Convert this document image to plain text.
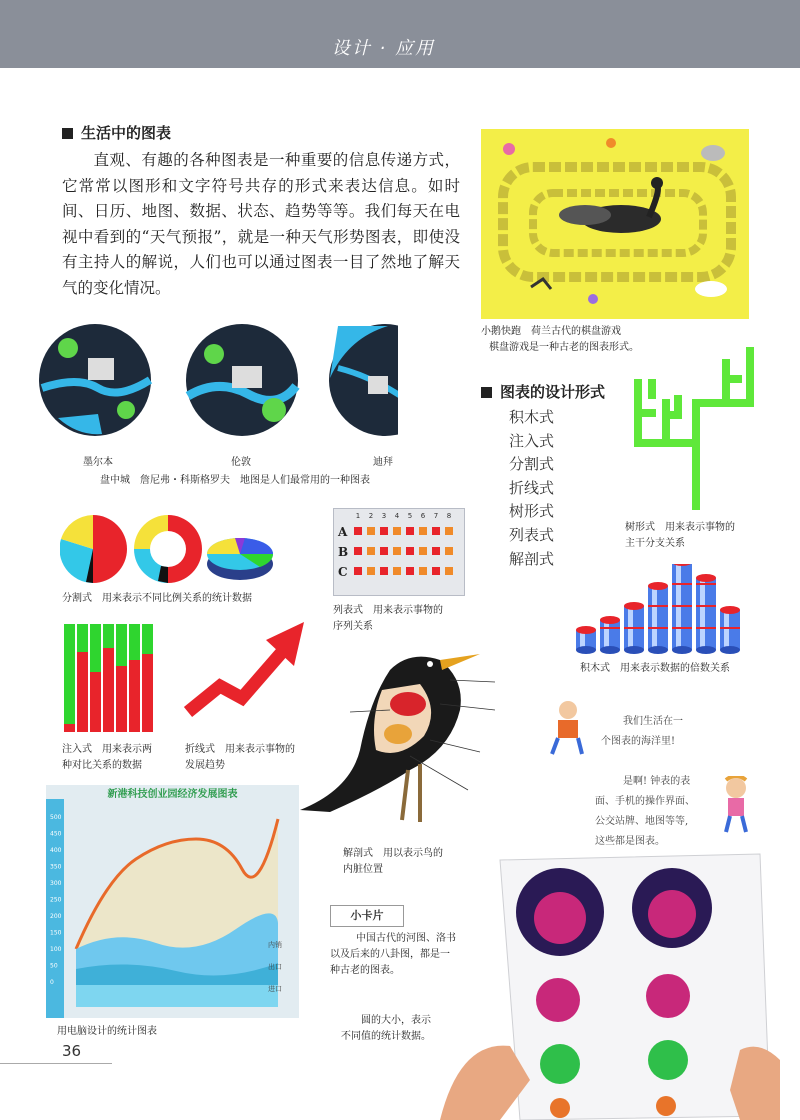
设计 · 应用
生活中的图表
直观、有趣的各种图表是一种重要的信息传递方式，它常常以图形和文字符号共存的形式来表达信息。如时间、日历、地图、数据、状态、趋势等等。我们每天在电视中看到的“天气预报”，就是一种天气形势图表，即使没有主持人的解说，人们也可以通过图表一目了然地了解天气的变化情况。
小鹅快跑　荷兰古代的棋盘游戏
棋盘游戏是一种古老的图表形式。
墨尔本	伦敦	迪拜
盘中城　詹尼弗・科斯格罗夫　地图是人们最常用的一种图表
图表的设计形式
积木式
注入式
分割式
折线式
树形式
列表式
解剖式
树形式　用来表示事物的
主干分支关系
分割式　用来表示不同比例关系的统计数据
1 2 3 4 5 6 7 8
A
B
C
列表式　用来表示事物的
序列关系
积木式　用来表示数据的倍数关系
注入式　用来表示两
种对比关系的数据
折线式　用来表示事物的
发展趋势
解剖式　用以表示鸟的
内脏位置
新港科技创业园经济发展图表
500
450
400
350
300
250
200
150
100
50
0
内销
出口
进口
用电脑设计的统计图表
我们生活在一
个图表的海洋里!
是啊! 钟表的表
面、手机的操作界面、
公交站牌、地图等等,
这些都是图表。
小卡片
中国古代的河图、洛书
以及后来的八卦图，都是一
种古老的图表。
圆的大小，表示
不同值的统计数据。
36
